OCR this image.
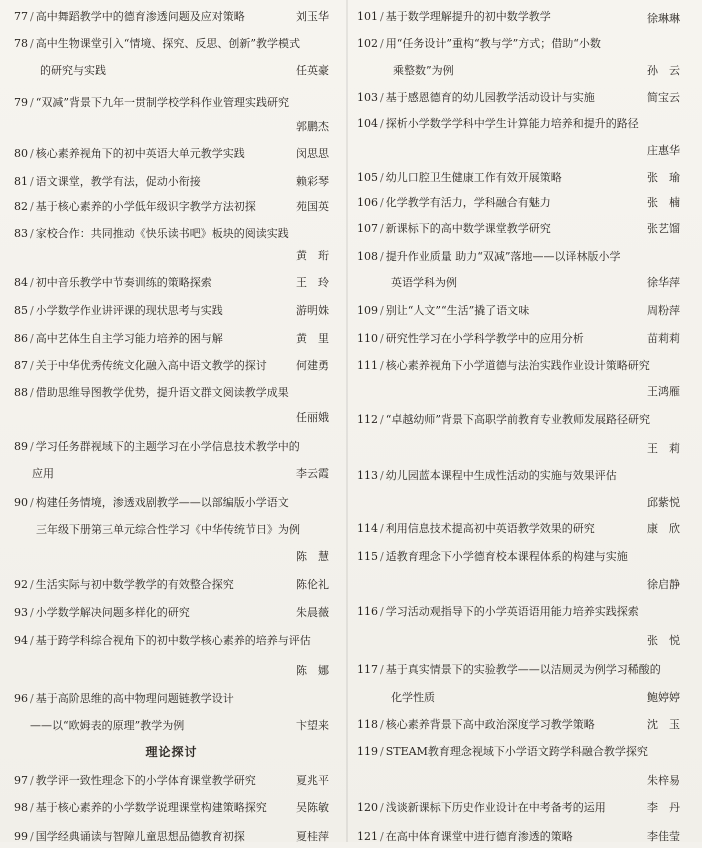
77 / 高中舞蹈教学中的德育渗透问题及应对策略	刘玉华
78 / 高中生物课堂引入“情境、探究、反思、创新”教学模式
的研究与实践	任英豪
79 / “双减”背景下九年一贯制学校学科作业管理实践研究
郭鹏杰
80 / 核心素养视角下的初中英语大单元教学实践	闵思思
81 / 语文课堂，教学有法，促动小衔接	赖彩琴
82 / 基于核心素养的小学低年级识字教学方法初探	苑国英
83 / 家校合作：共同推动《快乐读书吧》板块的阅读实践
黄　珩
84 / 初中音乐教学中节奏训练的策略探索	王　玲
85 / 小学数学作业讲评课的现状思考与实践	游明姝
86 / 高中艺体生自主学习能力培养的困与解	黄　里
87 / 关于中华优秀传统文化融入高中语文教学的探讨	何建勇
88 / 借助思维导图教学优势，提升语文群文阅读教学成果
任丽娥
89 / 学习任务群视域下的主题学习在小学信息技术教学中的
应用	李云霞
90 / 构建任务情境，渗透戏剧教学——以部编版小学语文
三年级下册第三单元综合性学习《中华传统节日》为例
陈　慧
92 / 生活实际与初中数学教学的有效整合探究	陈伦礼
93 / 小学数学解决问题多样化的研究	朱晨薇
94 / 基于跨学科综合视角下的初中数学核心素养的培养与评估
陈　娜
96 / 基于高阶思维的高中物理问题链教学设计
——以“欧姆表的原理”教学为例	卞望来
理论探讨
97 / 教学评一致性理念下的小学体育课堂教学研究	夏兆平
98 / 基于核心素养的小学数学说理课堂构建策略探究	吴陈敏
99 / 国学经典诵读与智障儿童思想品德教育初探	夏桂萍
101 / 基于数学理解提升的初中数学教学	徐琳琳
102 / 用“任务设计”重构“教与学”方式；借助“小数
乘整数”为例	孙　云
103 / 基于感恩德育的幼儿园教学活动设计与实施	简宝云
104 / 探析小学数学学科中学生计算能力培养和提升的路径
庄惠华
105 / 幼儿口腔卫生健康工作有效开展策略	张　瑜
106 / 化学教学有活力，学科融合有魅力	张　楠
107 / 新课标下的高中数学课堂教学研究	张艺馏
108 / 提升作业质量 助力“双减”落地——以译林版小学
英语学科为例	徐华萍
109 / 别让“人文”“生活”撬了语文味	周粉萍
110 / 研究性学习在小学科学教学中的应用分析	苗莉莉
111 / 核心素养视角下小学道德与法治实践作业设计策略研究
王鸿雁
112 / “卓越幼师”背景下高职学前教育专业教师发展路径研究
王　莉
113 / 幼儿园蓝本课程中生成性活动的实施与效果评估
邱紫悦
114 / 利用信息技术提高初中英语教学效果的研究	康　欣
115 / 适教育理念下小学德育校本课程体系的构建与实施
徐启静
116 / 学习活动观指导下的小学英语语用能力培养实践探索
张　悦
117 / 基于真实情景下的实验教学——以洁厕灵为例学习稀酸的
化学性质	鲍婷婷
118 / 核心素养背景下高中政治深度学习教学策略	沈　玉
119 / STEAM教育理念视域下小学语文跨学科融合教学探究
朱梓易
120 / 浅谈新课标下历史作业设计在中考备考的运用	李　丹
121 / 在高中体育课堂中进行德育渗透的策略	李佳莹
